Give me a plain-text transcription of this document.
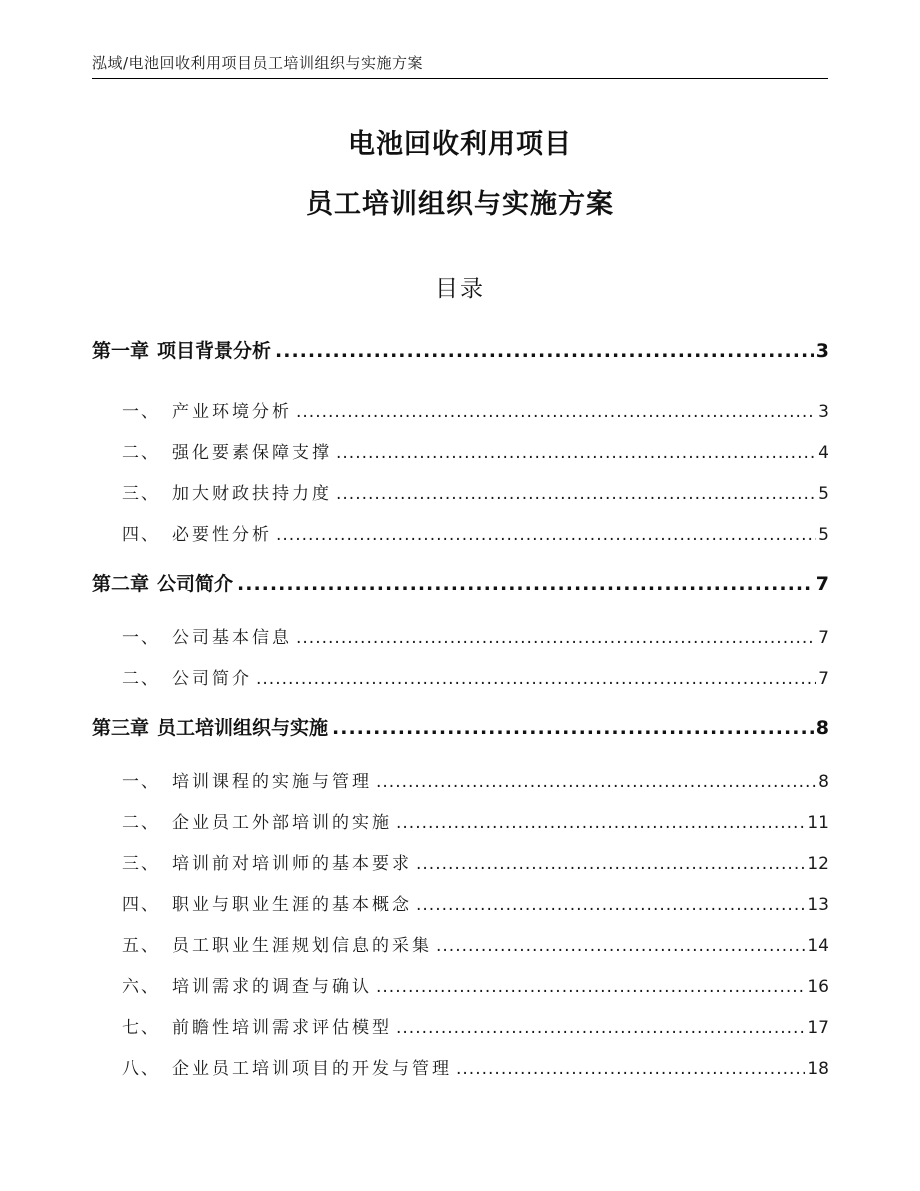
泓域/电池回收利用项目员工培训组织与实施方案
电池回收利用项目
员工培训组织与实施方案
目录
第一章 项目背景分析 .....	3
一、 产业环境分析 .....	3
二、 强化要素保障支撑 .....	4
三、 加大财政扶持力度 .....	5
四、 必要性分析 .....	5
第二章 公司简介 .....	7
一、 公司基本信息 .....	7
二、 公司简介 .....	7
第三章 员工培训组织与实施 .....	8
一、 培训课程的实施与管理 .....	8
二、 企业员工外部培训的实施 .....	11
三、 培训前对培训师的基本要求 .....	12
四、 职业与职业生涯的基本概念 .....	13
五、 员工职业生涯规划信息的采集 .....	14
六、 培训需求的调查与确认 .....	16
七、 前瞻性培训需求评估模型 .....	17
八、 企业员工培训项目的开发与管理 .....	18
